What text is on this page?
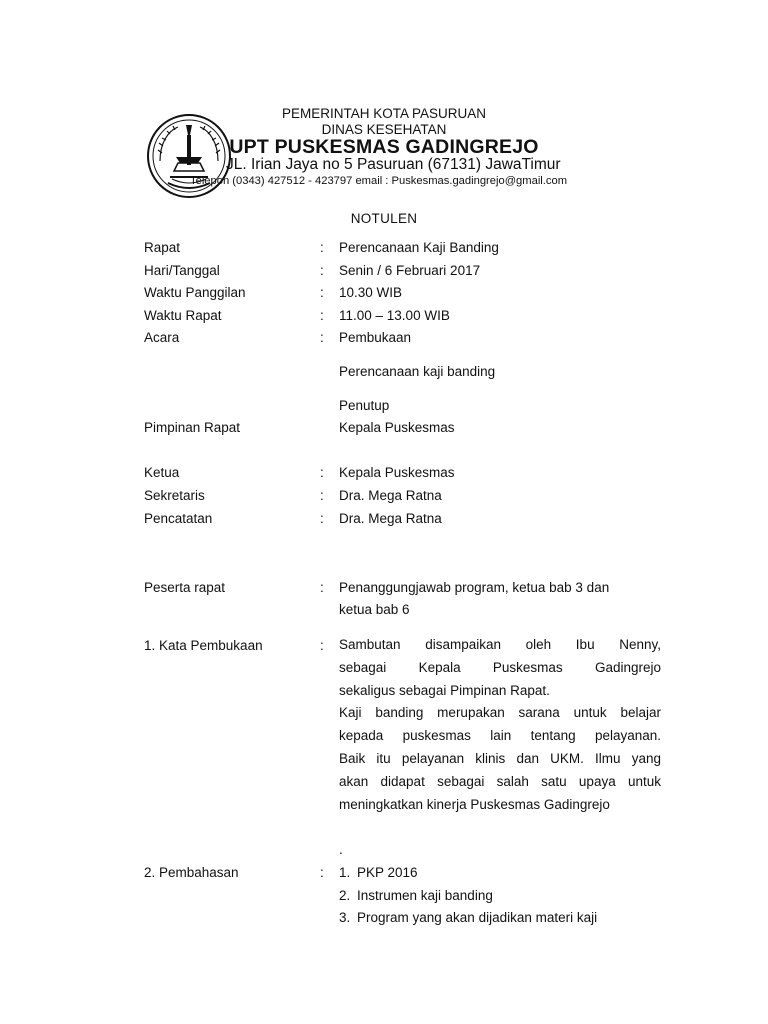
PEMERINTAH KOTA PASURUAN
DINAS KESEHATAN
UPT PUSKESMAS GADINGREJO
JL. Irian Jaya no 5 Pasuruan (67131) JawaTimur
Telepon (0343) 427512 - 423797 email : Puskesmas.gadingrejo@gmail.com
NOTULEN
Rapat	: Perencanaan Kaji Banding
Hari/Tanggal	: Senin / 6 Februari 2017
Waktu Panggilan	: 10.30 WIB
Waktu Rapat	: 11.00 – 13.00 WIB
Acara	: Pembukaan
Perencanaan kaji banding
Penutup
Pimpinan Rapat	Kepala Puskesmas
Ketua	: Kepala Puskesmas
Sekretaris	: Dra. Mega Ratna
Pencatatan	: Dra. Mega Ratna
Peserta rapat	: Penanggungjawab program, ketua bab 3 dan
ketua bab 6
1. Kata Pembukaan	: Sambutan disampaikan oleh Ibu Nenny,
sebagai Kepala Puskesmas Gadingrejo
sekaligus sebagai Pimpinan Rapat.
Kaji banding merupakan sarana untuk belajar
kepada puskesmas lain tentang pelayanan.
Baik itu pelayanan klinis dan UKM. Ilmu yang
akan didapat sebagai salah satu upaya untuk
meningkatkan kinerja Puskesmas Gadingrejo
.
2. Pembahasan	: 1. PKP 2016
2. Instrumen kaji banding
3. Program yang akan dijadikan materi kaji
